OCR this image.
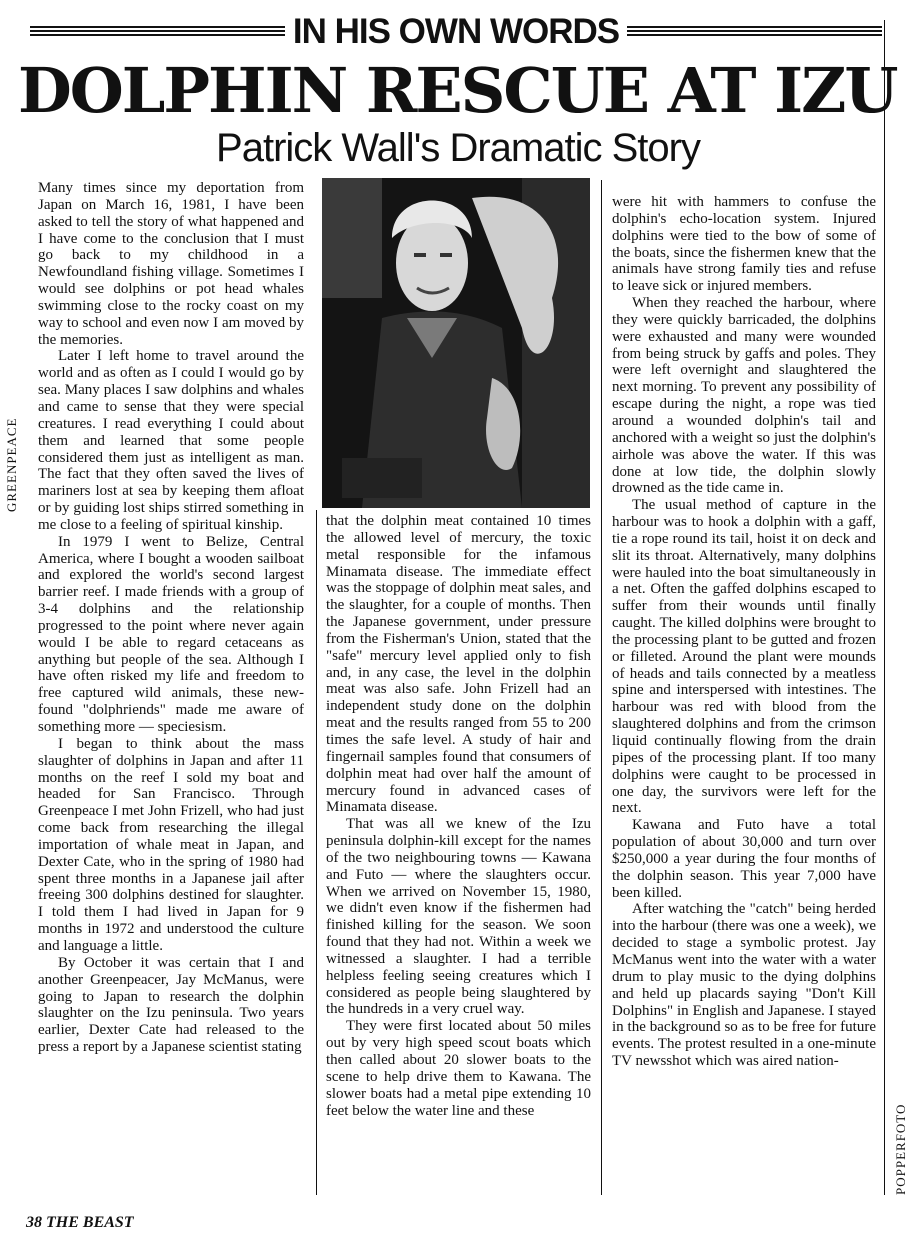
IN HIS OWN WORDS
DOLPHIN RESCUE AT IZU
Patrick Wall's Dramatic Story
GREENPEACE
POPPERFOTO

Many times since my deportation from Japan on March 16, 1981, I have been asked to tell the story of what happened and I have come to the conclusion that I must go back to my childhood in a Newfoundland fishing village. Sometimes I would see dolphins or pot head whales swimming close to the rocky coast on my way to school and even now I am moved by the memories.

Later I left home to travel around the world and as often as I could I would go by sea. Many places I saw dolphins and whales and came to sense that they were special creatures. I read everything I could about them and learned that some people considered them just as intelligent as man. The fact that they often saved the lives of mariners lost at sea by keeping them afloat or by guiding lost ships stirred something in me close to a feeling of spiritual kinship.

In 1979 I went to Belize, Central America, where I bought a wooden sailboat and explored the world's second largest barrier reef. I made friends with a group of 3-4 dolphins and the relationship progressed to the point where never again would I be able to regard cetaceans as anything but people of the sea. Although I have often risked my life and freedom to free captured wild animals, these new-found "dolphriends" made me aware of something more — speciesism.

I began to think about the mass slaughter of dolphins in Japan and after 11 months on the reef I sold my boat and headed for San Francisco. Through Greenpeace I met John Frizell, who had just come back from researching the illegal importation of whale meat in Japan, and Dexter Cate, who in the spring of 1980 had spent three months in a Japanese jail after freeing 300 dolphins destined for slaughter. I told them I had lived in Japan for 9 months in 1972 and understood the culture and language a little.

By October it was certain that I and another Greenpeacer, Jay McManus, were going to Japan to research the dolphin slaughter on the Izu peninsula. Two years earlier, Dexter Cate had released to the press a report by a Japanese scientist stating

that the dolphin meat contained 10 times the allowed level of mercury, the toxic metal responsible for the infamous Minamata disease. The immediate effect was the stoppage of dolphin meat sales, and the slaughter, for a couple of months. Then the Japanese government, under pressure from the Fisherman's Union, stated that the "safe" mercury level applied only to fish and, in any case, the level in the dolphin meat was also safe. John Frizell had an independent study done on the dolphin meat and the results ranged from 55 to 200 times the safe level. A study of hair and fingernail samples found that consumers of dolphin meat had over half the amount of mercury found in advanced cases of Minamata disease.

That was all we knew of the Izu peninsula dolphin-kill except for the names of the two neighbouring towns — Kawana and Futo — where the slaughters occur. When we arrived on November 15, 1980, we didn't even know if the fishermen had finished killing for the season. We soon found that they had not. Within a week we witnessed a slaughter. I had a terrible helpless feeling seeing creatures which I considered as people being slaughtered by the hundreds in a very cruel way.

They were first located about 50 miles out by very high speed scout boats which then called about 20 slower boats to the scene to help drive them to Kawana. The slower boats had a metal pipe extending 10 feet below the water line and these

were hit with hammers to confuse the dolphin's echo-location system. Injured dolphins were tied to the bow of some of the boats, since the fishermen knew that the animals have strong family ties and refuse to leave sick or injured members.

When they reached the harbour, where they were quickly barricaded, the dolphins were exhausted and many were wounded from being struck by gaffs and poles. They were left overnight and slaughtered the next morning. To prevent any possibility of escape during the night, a rope was tied around a wounded dolphin's tail and anchored with a weight so just the dolphin's airhole was above the water. If this was done at low tide, the dolphin slowly drowned as the tide came in.

The usual method of capture in the harbour was to hook a dolphin with a gaff, tie a rope round its tail, hoist it on deck and slit its throat. Alternatively, many dolphins were hauled into the boat simultaneously in a net. Often the gaffed dolphins escaped to suffer from their wounds until finally caught. The killed dolphins were brought to the processing plant to be gutted and frozen or filleted. Around the plant were mounds of heads and tails connected by a meatless spine and interspersed with intestines. The harbour was red with blood from the slaughtered dolphins and from the crimson liquid continually flowing from the drain pipes of the processing plant. If too many dolphins were caught to be processed in one day, the survivors were left for the next.

Kawana and Futo have a total population of about 30,000 and turn over $250,000 a year during the four months of the dolphin season. This year 7,000 have been killed.

After watching the "catch" being herded into the harbour (there was one a week), we decided to stage a symbolic protest. Jay McManus went into the water with a water drum to play music to the dying dolphins and held up placards saying "Don't Kill Dolphins" in English and Japanese. I stayed in the background so as to be free for future events. The protest resulted in a one-minute TV newsshot which was aired nation-

38 THE BEAST
